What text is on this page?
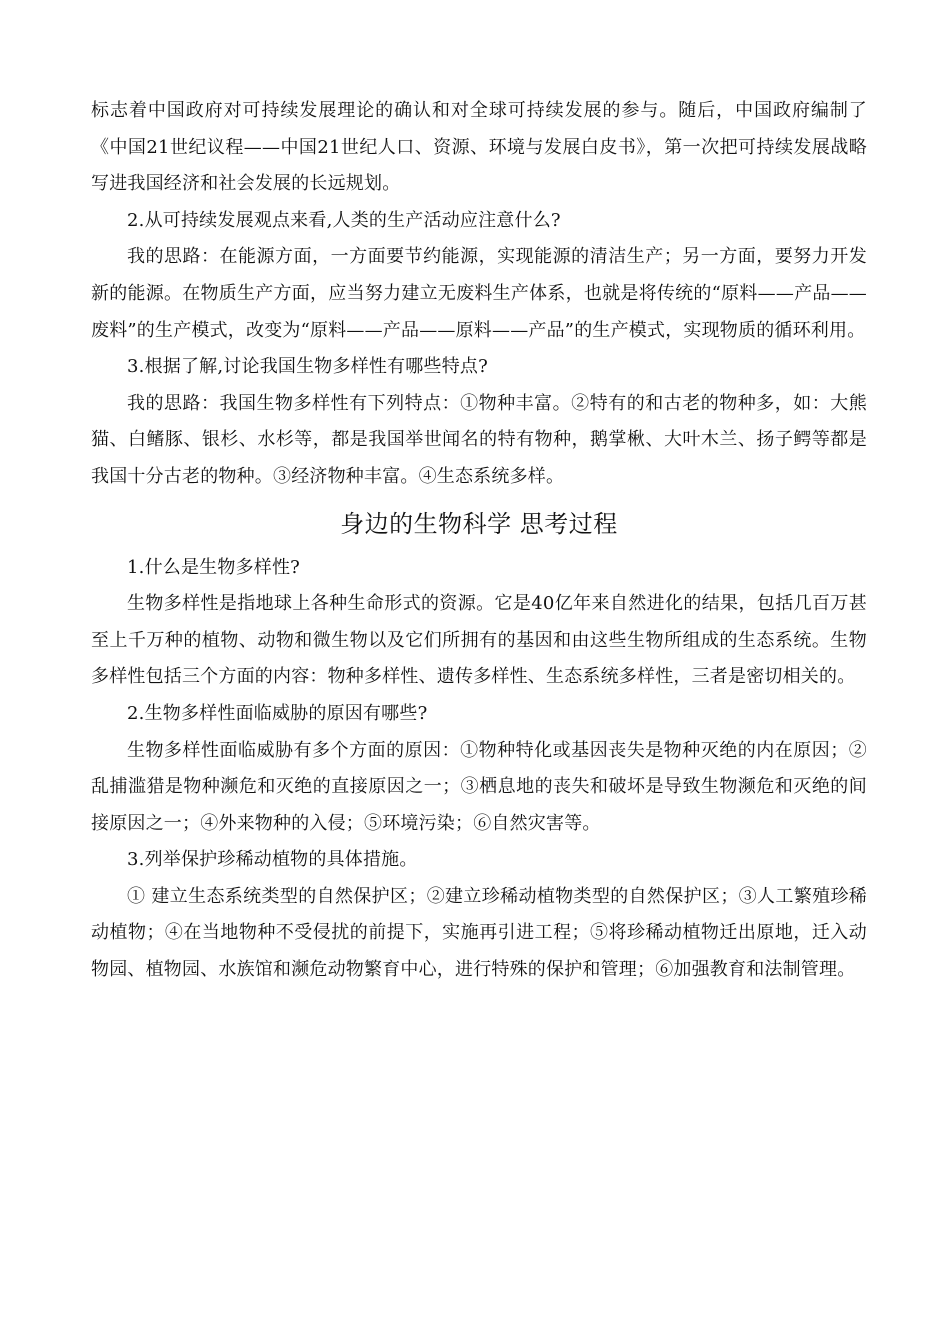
标志着中国政府对可持续发展理论的确认和对全球可持续发展的参与。随后，中国政府编制了《中国21世纪议程——中国21世纪人口、资源、环境与发展白皮书》，第一次把可持续发展战略写进我国经济和社会发展的长远规划。

2.从可持续发展观点来看,人类的生产活动应注意什么?

我的思路：在能源方面，一方面要节约能源，实现能源的清洁生产；另一方面，要努力开发新的能源。在物质生产方面，应当努力建立无废料生产体系，也就是将传统的“原料——产品——废料”的生产模式，改变为“原料——产品——原料——产品”的生产模式，实现物质的循环利用。

3.根据了解,讨论我国生物多样性有哪些特点?

我的思路：我国生物多样性有下列特点：①物种丰富。②特有的和古老的物种多，如：大熊猫、白鳍豚、银杉、水杉等，都是我国举世闻名的特有物种，鹅掌楸、大叶木兰、扬子鳄等都是我国十分古老的物种。③经济物种丰富。④生态系统多样。

身边的生物科学 思考过程

1.什么是生物多样性?

生物多样性是指地球上各种生命形式的资源。它是40亿年来自然进化的结果，包括几百万甚至上千万种的植物、动物和微生物以及它们所拥有的基因和由这些生物所组成的生态系统。生物多样性包括三个方面的内容：物种多样性、遗传多样性、生态系统多样性，三者是密切相关的。

2.生物多样性面临威胁的原因有哪些?

生物多样性面临威胁有多个方面的原因：①物种特化或基因丧失是物种灭绝的内在原因；②乱捕滥猎是物种濒危和灭绝的直接原因之一；③栖息地的丧失和破坏是导致生物濒危和灭绝的间接原因之一；④外来物种的入侵；⑤环境污染；⑥自然灾害等。

3.列举保护珍稀动植物的具体措施。

① 建立生态系统类型的自然保护区；②建立珍稀动植物类型的自然保护区；③人工繁殖珍稀动植物；④在当地物种不受侵扰的前提下，实施再引进工程；⑤将珍稀动植物迁出原地，迁入动物园、植物园、水族馆和濒危动物繁育中心，进行特殊的保护和管理；⑥加强教育和法制管理。
